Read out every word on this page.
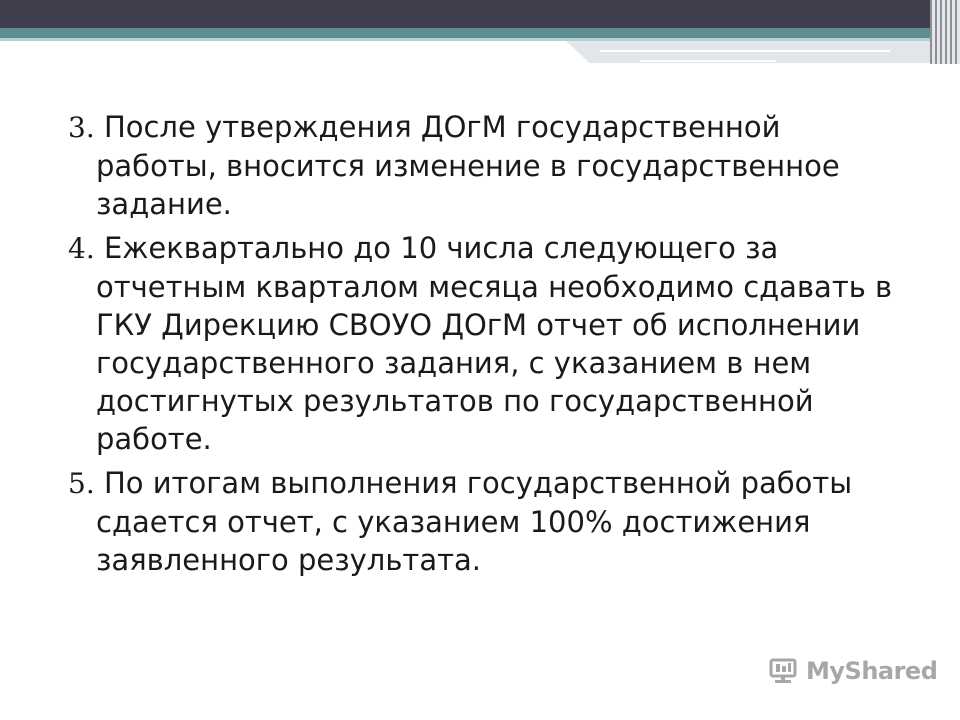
3. После утверждения ДОгМ государственной работы, вносится изменение в государственное задание.
4. Ежеквартально до 10 числа следующего за отчетным кварталом месяца необходимо сдавать в ГКУ Дирекцию СВОУО ДОгМ отчет об исполнении государственного задания, с указанием в нем достигнутых результатов по государственной работе.
5. По итогам выполнения государственной работы сдается отчет, с указанием 100% достижения заявленного результата.
MyShared
